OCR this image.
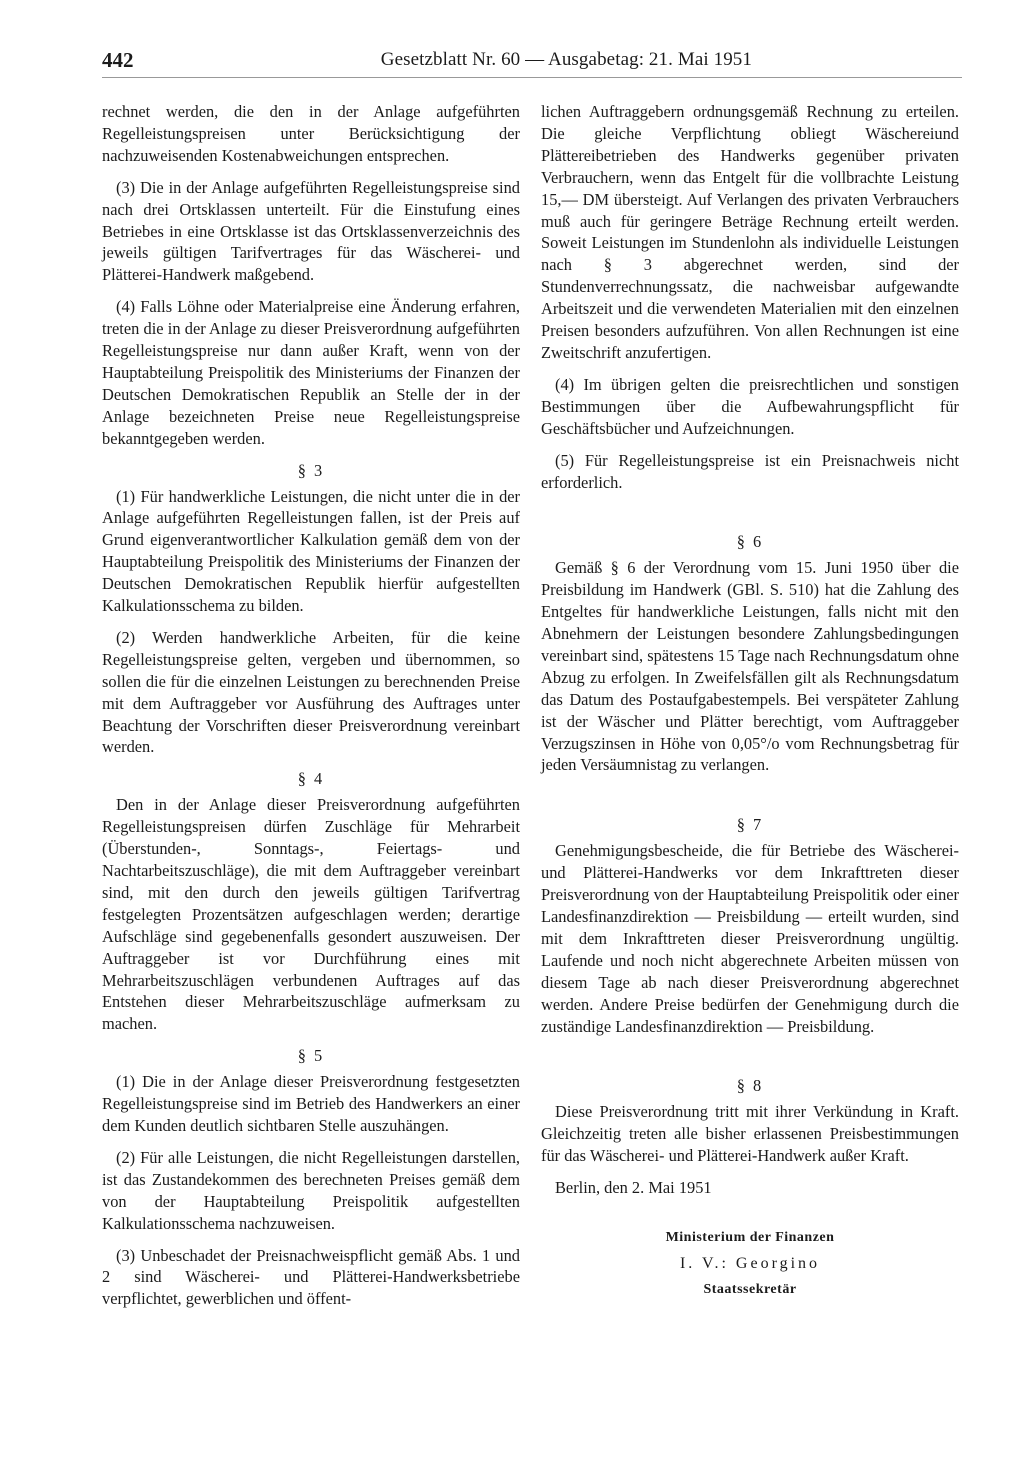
442	Gesetzblatt Nr. 60 — Ausgabetag: 21. Mai 1951

rechnet werden, die den in der Anlage aufgeführten Regelleistungspreisen unter Berücksichtigung der nachzuweisenden Kostenabweichungen entsprechen.

(3) Die in der Anlage aufgeführten Regelleistungspreise sind nach drei Ortsklassen unterteilt. Für die Einstufung eines Betriebes in eine Ortsklasse ist das Ortsklassenverzeichnis des jeweils gültigen Tarifvertrages für das Wäscherei- und Plätterei-Handwerk maßgebend.

(4) Falls Löhne oder Materialpreise eine Änderung erfahren, treten die in der Anlage zu dieser Preisverordnung aufgeführten Regelleistungspreise nur dann außer Kraft, wenn von der Hauptabteilung Preispolitik des Ministeriums der Finanzen der Deutschen Demokratischen Republik an Stelle der in der Anlage bezeichneten Preise neue Regelleistungspreise bekanntgegeben werden.

§ 3

(1) Für handwerkliche Leistungen, die nicht unter die in der Anlage aufgeführten Regelleistungen fallen, ist der Preis auf Grund eigenverantwortlicher Kalkulation gemäß dem von der Hauptabteilung Preispolitik des Ministeriums der Finanzen der Deutschen Demokratischen Republik hierfür aufgestellten Kalkulationsschema zu bilden.

(2) Werden handwerkliche Arbeiten, für die keine Regelleistungspreise gelten, vergeben und übernommen, so sollen die für die einzelnen Leistungen zu berechnenden Preise mit dem Auftraggeber vor Ausführung des Auftrages unter Beachtung der Vorschriften dieser Preisverordnung vereinbart werden.

§ 4

Den in der Anlage dieser Preisverordnung aufgeführten Regelleistungspreisen dürfen Zuschläge für Mehrarbeit (Überstunden-, Sonntags-, Feiertags- und Nachtarbeitszuschläge), die mit dem Auftraggeber vereinbart sind, mit den durch den jeweils gültigen Tarifvertrag festgelegten Prozentsätzen aufgeschlagen werden; derartige Aufschläge sind gegebenenfalls gesondert auszuweisen. Der Auftraggeber ist vor Durchführung eines mit Mehrarbeitszuschlägen verbundenen Auftrages auf das Entstehen dieser Mehrarbeitszuschläge aufmerksam zu machen.

§ 5

(1) Die in der Anlage dieser Preisverordnung festgesetzten Regelleistungspreise sind im Betrieb des Handwerkers an einer dem Kunden deutlich sichtbaren Stelle auszuhängen.

(2) Für alle Leistungen, die nicht Regelleistungen darstellen, ist das Zustandekommen des berechneten Preises gemäß dem von der Hauptabteilung Preispolitik aufgestellten Kalkulationsschema nachzuweisen.

(3) Unbeschadet der Preisnachweispflicht gemäß Abs. 1 und 2 sind Wäscherei- und Plätterei-Handwerksbetriebe verpflichtet, gewerblichen und öffent-

lichen Auftraggebern ordnungsgemäß Rechnung zu erteilen. Die gleiche Verpflichtung obliegt Wäschereiund Plättereibetrieben des Handwerks gegenüber privaten Verbrauchern, wenn das Entgelt für die vollbrachte Leistung 15,— DM übersteigt. Auf Verlangen des privaten Verbrauchers muß auch für geringere Beträge Rechnung erteilt werden. Soweit Leistungen im Stundenlohn als individuelle Leistungen nach § 3 abgerechnet werden, sind der Stundenverrechnungssatz, die nachweisbar aufgewandte Arbeitszeit und die verwendeten Materialien mit den einzelnen Preisen besonders aufzuführen. Von allen Rechnungen ist eine Zweitschrift anzufertigen.

(4) Im übrigen gelten die preisrechtlichen und sonstigen Bestimmungen über die Aufbewahrungspflicht für Geschäftsbücher und Aufzeichnungen.

(5) Für Regelleistungspreise ist ein Preisnachweis nicht erforderlich.

§ 6

Gemäß § 6 der Verordnung vom 15. Juni 1950 über die Preisbildung im Handwerk (GBl. S. 510) hat die Zahlung des Entgeltes für handwerkliche Leistungen, falls nicht mit den Abnehmern der Leistungen besondere Zahlungsbedingungen vereinbart sind, spätestens 15 Tage nach Rechnungsdatum ohne Abzug zu erfolgen. In Zweifelsfällen gilt als Rechnungsdatum das Datum des Postaufgabestempels. Bei verspäteter Zahlung ist der Wäscher und Plätter berechtigt, vom Auftraggeber Verzugszinsen in Höhe von 0,05°/o vom Rechnungsbetrag für jeden Versäumnistag zu verlangen.

§ 7

Genehmigungsbescheide, die für Betriebe des Wäscherei- und Plätterei-Handwerks vor dem Inkrafttreten dieser Preisverordnung von der Hauptabteilung Preispolitik oder einer Landesfinanzdirektion — Preisbildung — erteilt wurden, sind mit dem Inkrafttreten dieser Preisverordnung ungültig. Laufende und noch nicht abgerechnete Arbeiten müssen von diesem Tage ab nach dieser Preisverordnung abgerechnet werden. Andere Preise bedürfen der Genehmigung durch die zuständige Landesfinanzdirektion — Preisbildung.

§ 8

Diese Preisverordnung tritt mit ihrer Verkündung in Kraft. Gleichzeitig treten alle bisher erlassenen Preisbestimmungen für das Wäscherei- und Plätterei-Handwerk außer Kraft.

Berlin, den 2. Mai 1951

Ministerium der Finanzen
I. V.: Georgino
Staatssekretär
